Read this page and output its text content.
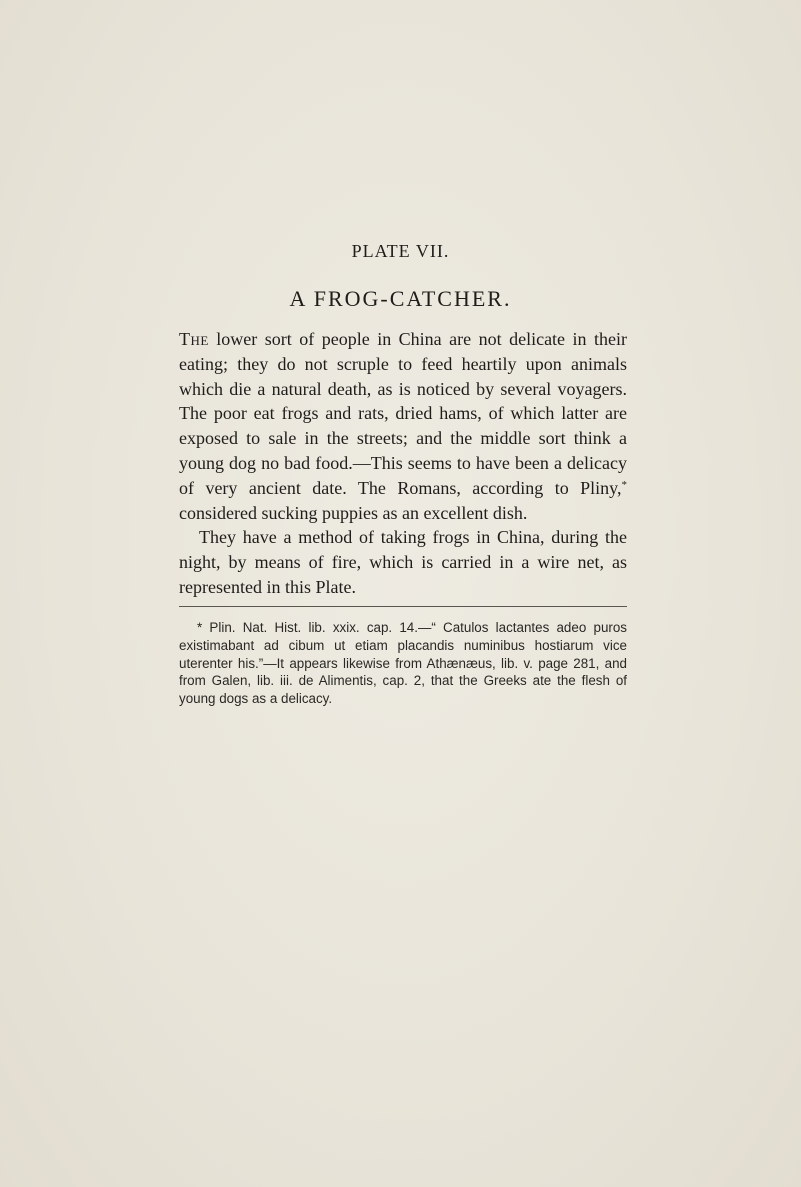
PLATE VII.
A FROG-CATCHER.

The lower sort of people in China are not delicate in their eating; they do not scruple to feed heartily upon animals which die a natural death, as is noticed by several voyagers. The poor eat frogs and rats, dried hams, of which latter are exposed to sale in the streets; and the middle sort think a young dog no bad food.—This seems to have been a delicacy of very ancient date. The Romans, according to Pliny,* considered sucking puppies as an excellent dish.

They have a method of taking frogs in China, during the night, by means of fire, which is carried in a wire net, as represented in this Plate.

* Plin. Nat. Hist. lib. xxix. cap. 14.—“ Catulos lactantes adeo puros existimabant ad cibum ut etiam placandis numinibus hostiarum vice uterenter his.”—It appears likewise from Athænæus, lib. v. page 281, and from Galen, lib. iii. de Alimentis, cap. 2, that the Greeks ate the flesh of young dogs as a delicacy.
